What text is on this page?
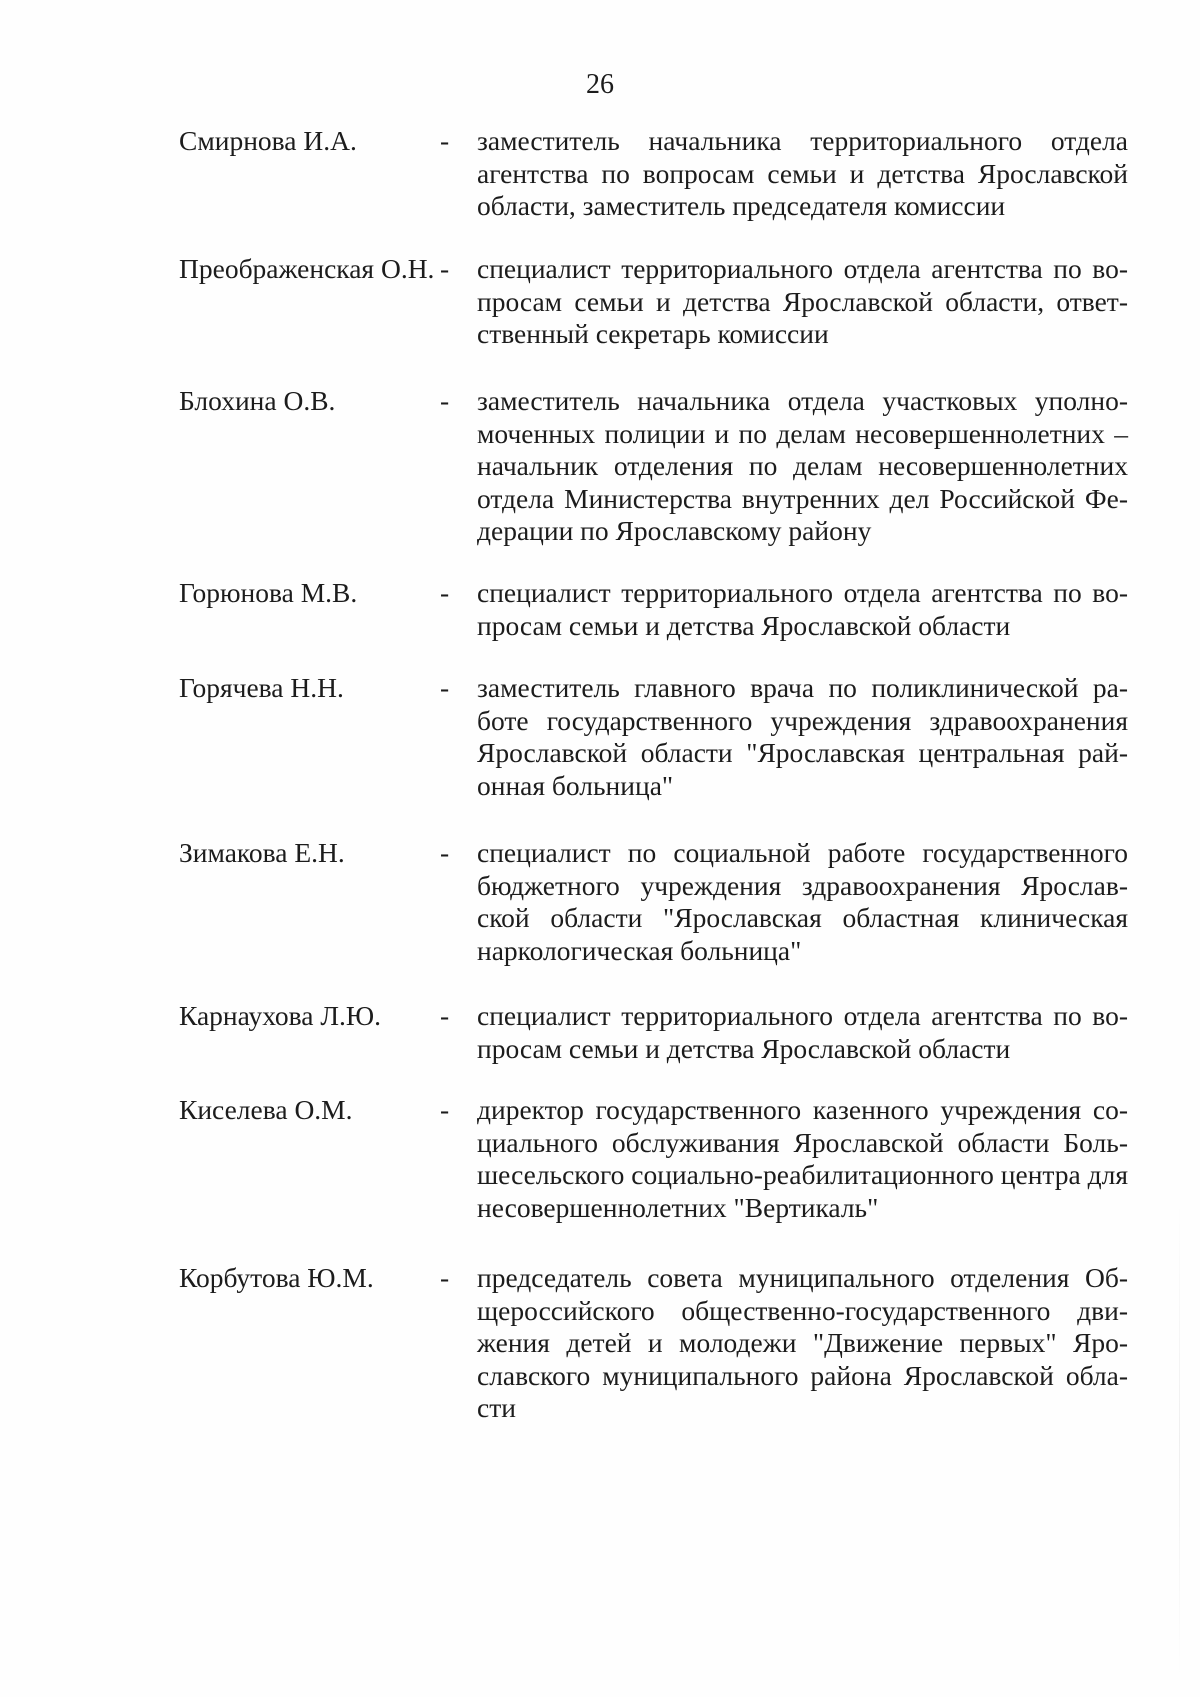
26
Смирнова И.А.	- заместитель начальника территориального отдела агентства по вопросам семьи и детства Ярославской области, заместитель председателя комиссии
Преображенская О.Н. - специалист территориального отдела агентства по вопросам семьи и детства Ярославской области, ответственный секретарь комиссии
Блохина О.В.	- заместитель начальника отдела участковых уполномоченных полиции и по делам несовершеннолетних – начальник отделения по делам несовершеннолетних отдела Министерства внутренних дел Российской Федерации по Ярославскому району
Горюнова М.В.	- специалист территориального отдела агентства по вопросам семьи и детства Ярославской области
Горячева Н.Н.	- заместитель главного врача по поликлинической работе государственного учреждения здравоохранения Ярославской области "Ярославская центральная районная больница"
Зимакова Е.Н.	- специалист по социальной работе государственного бюджетного учреждения здравоохранения Ярославской области "Ярославская областная клиническая наркологическая больница"
Карнаухова Л.Ю. - специалист территориального отдела агентства по вопросам семьи и детства Ярославской области
Киселева О.М.	- директор государственного казенного учреждения социального обслуживания Ярославской области Большесельского социально-реабилитационного центра для несовершеннолетних "Вертикаль"
Корбутова Ю.М. - председатель совета муниципального отделения Общероссийского общественно-государственного движения детей и молодежи "Движение первых" Ярославского муниципального района Ярославской области
